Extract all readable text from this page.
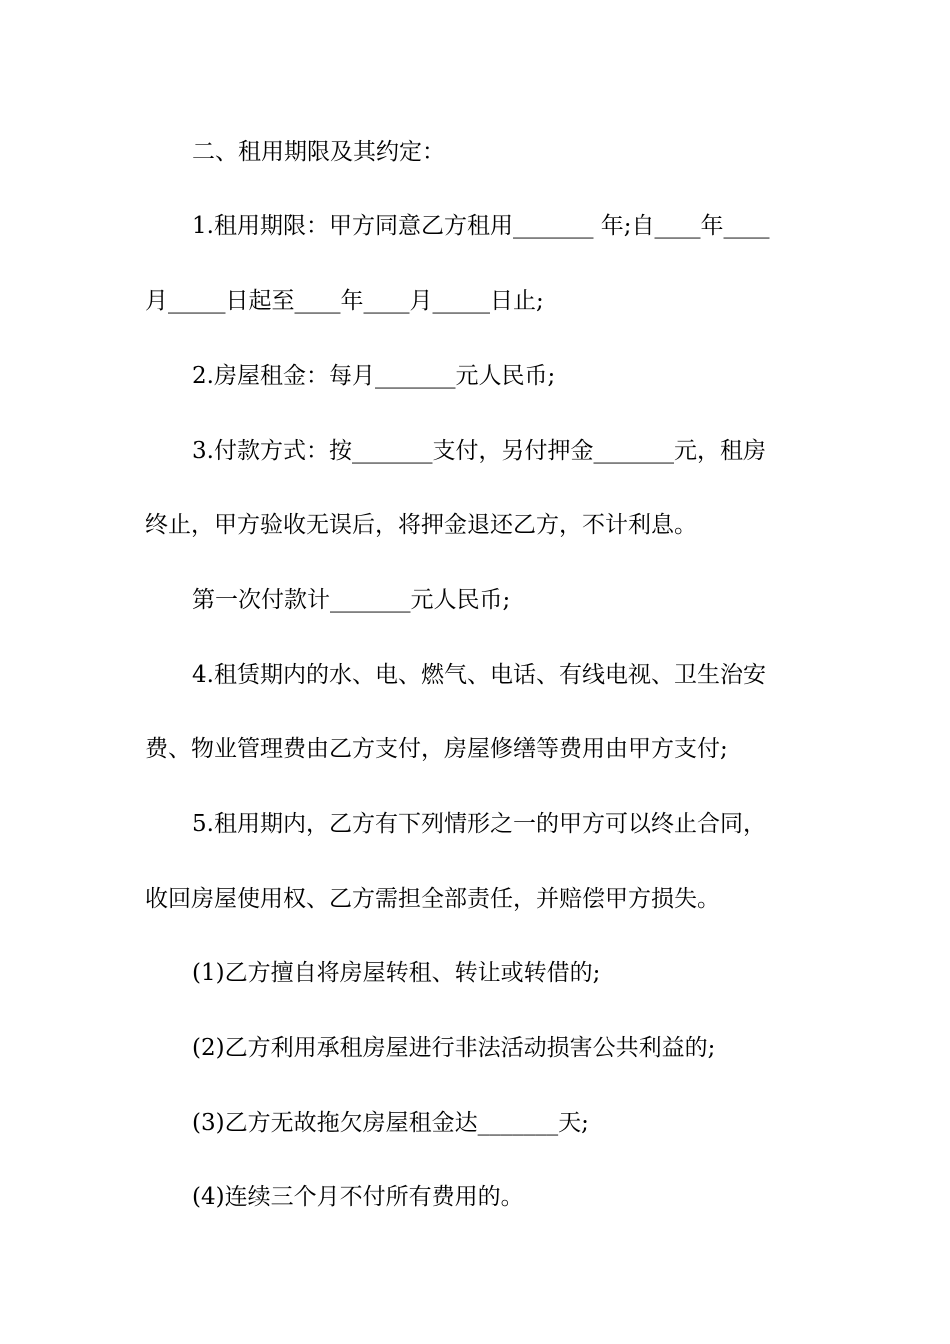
二、租用期限及其约定：
1.租用期限：甲方同意乙方租用_______ 年;自____年____
月_____日起至____年____月_____日止;
2.房屋租金：每月_______元人民币;
3.付款方式：按_______支付，另付押金_______元，租房
终止，甲方验收无误后，将押金退还乙方，不计利息。
第一次付款计_______元人民币;
4.租赁期内的水、电、燃气、电话、有线电视、卫生治安
费、物业管理费由乙方支付，房屋修缮等费用由甲方支付;
5.租用期内，乙方有下列情形之一的甲方可以终止合同，
收回房屋使用权、乙方需担全部责任，并赔偿甲方损失。
(1)乙方擅自将房屋转租、转让或转借的;
(2)乙方利用承租房屋进行非法活动损害公共利益的;
(3)乙方无故拖欠房屋租金达_______天;
(4)连续三个月不付所有费用的。
